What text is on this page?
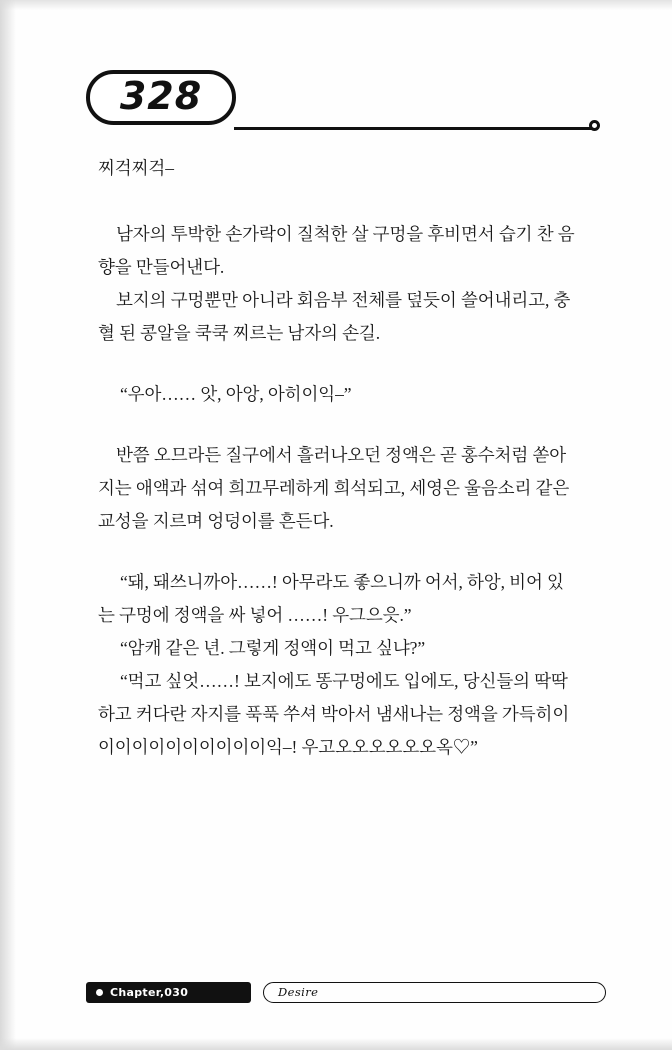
328

찌걱찌걱–

남자의 투박한 손가락이 질척한 살 구멍을 후비면서 습기 찬 음향을 만들어낸다.

보지의 구멍뿐만 아니라 회음부 전체를 덮듯이 쓸어내리고, 충혈 된 콩알을 쿡쿡 찌르는 남자의 손길.

“우아…… 앗, 아앙, 아히이익–”

반쯤 오므라든 질구에서 흘러나오던 정액은 곧 홍수처럼 쏟아지는 애액과 섞여 희끄무레하게 희석되고, 세영은 울음소리 같은 교성을 지르며 엉덩이를 흔든다.

“돼, 돼쓰니까아……! 아무라도 좋으니까 어서, 하앙, 비어 있는 구멍에 정액을 싸 넣어 ……! 우그으읏.”

“암캐 같은 년. 그렇게 정액이 먹고 싶냐?”

“먹고 싶엇……! 보지에도 똥구멍에도 입에도, 당신들의 딱딱하고 커다란 자지를 푹푹 쑤셔 박아서 냄새나는 정액을 가득히이이이이이이이이이이이익–! 우고오오오오오오옥♡”

Chapter,030	Desire
